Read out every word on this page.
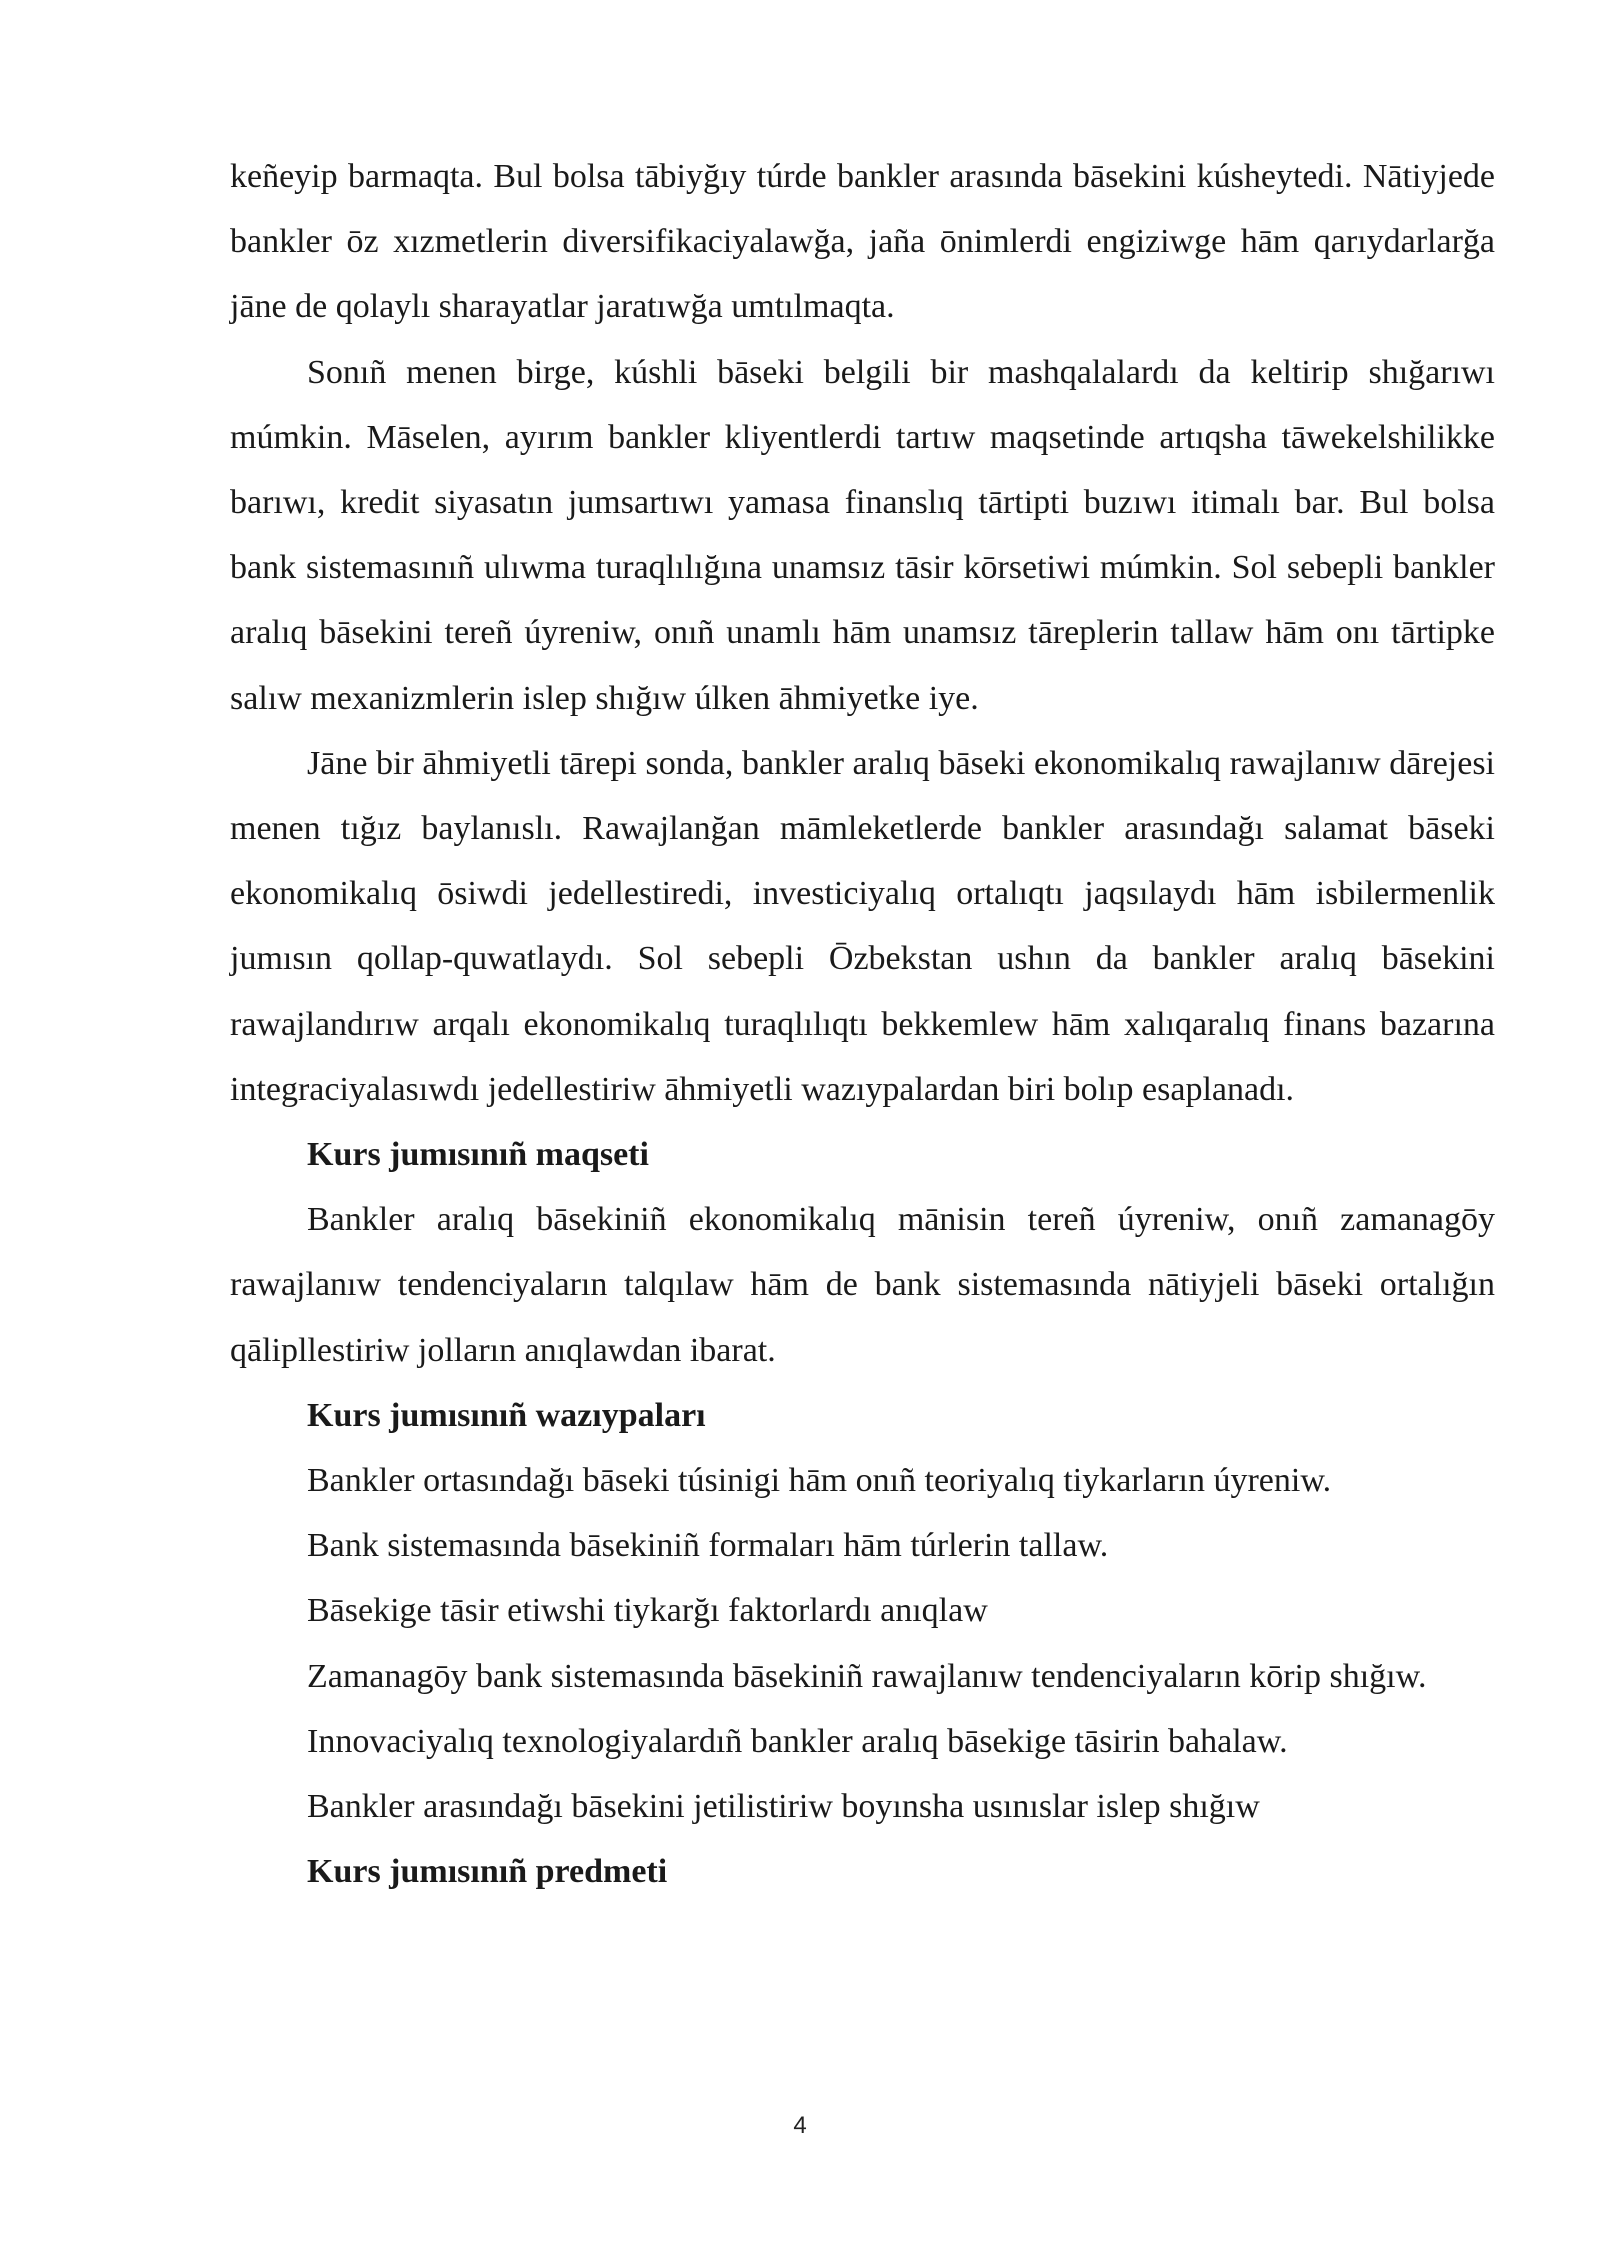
keñeyip barmaqta. Bul bolsa tābiyğıy túrde bankler arasında bāsekini kúsheytedi. Nātiyjede bankler ōz xızmetlerin diversifikaciyalawğa, jaña ōnimlerdi engiziwge hām qarıydarlarğa jāne de qolaylı sharayatlar jaratıwğa umtılmaqta.

Sonıñ menen birge, kúshli bāseki belgili bir mashqalalardı da keltirip shığarıwı múmkin. Māselen, ayırım bankler kliyentlerdi tartıw maqsetinde artıqsha tāwekelshilikke barıwı, kredit siyasatın jumsartıwı yamasa finanslıq tārtipti buzıwı itimalı bar. Bul bolsa bank sistemasınıñ ulıwma turaqlılığına unamsız tāsir kōrsetiwi múmkin. Sol sebepli bankler aralıq bāsekini tereñ úyreniw, onıñ unamlı hām unamsız tāreplerin tallaw hām onı tārtipke salıw mexanizmlerin islep shığıw úlken āhmiyetke iye.

Jāne bir āhmiyetli tārepi sonda, bankler aralıq bāseki ekonomikalıq rawajlanıw dārejesi menen tığız baylanıslı. Rawajlanğan māmleketlerde bankler arasındağı salamat bāseki ekonomikalıq ōsiwdi jedellestiredi, investiciyalıq ortalıqtı jaqsılaydı hām isbilermenlik jumısın qollap-quwatlaydı. Sol sebepli Ōzbekstan ushın da bankler aralıq bāsekini rawajlandırıw arqalı ekonomikalıq turaqlılıqtı bekkemlew hām xalıqaralıq finans bazarına integraciyalasıwdı jedellestiriw āhmiyetli wazıypalardan biri bolıp esaplanadı.

Kurs jumısınıñ maqseti

Bankler aralıq bāsekiniñ ekonomikalıq mānisin tereñ úyreniw, onıñ zamanagōy rawajlanıw tendenciyaların talqılaw hām de bank sistemasında nātiyjeli bāseki ortalığın qālipllestiriw jolların anıqlawdan ibarat.

Kurs jumısınıñ wazıypaları

Bankler ortasındağı bāseki túsinigi hām onıñ teoriyalıq tiykarların úyreniw.

Bank sistemasında bāsekiniñ formaları hām túrlerin tallaw.

Bāsekige tāsir etiwshi tiykarğı faktorlardı anıqlaw

Zamanagōy bank sistemasında bāsekiniñ rawajlanıw tendenciyaların kōrip shığıw.

Innovaciyalıq texnologiyalardıñ bankler aralıq bāsekige tāsirin bahalaw.

Bankler arasındağı bāsekini jetilistiriw boyınsha usınıslar islep shığıw

Kurs jumısınıñ predmeti
4
